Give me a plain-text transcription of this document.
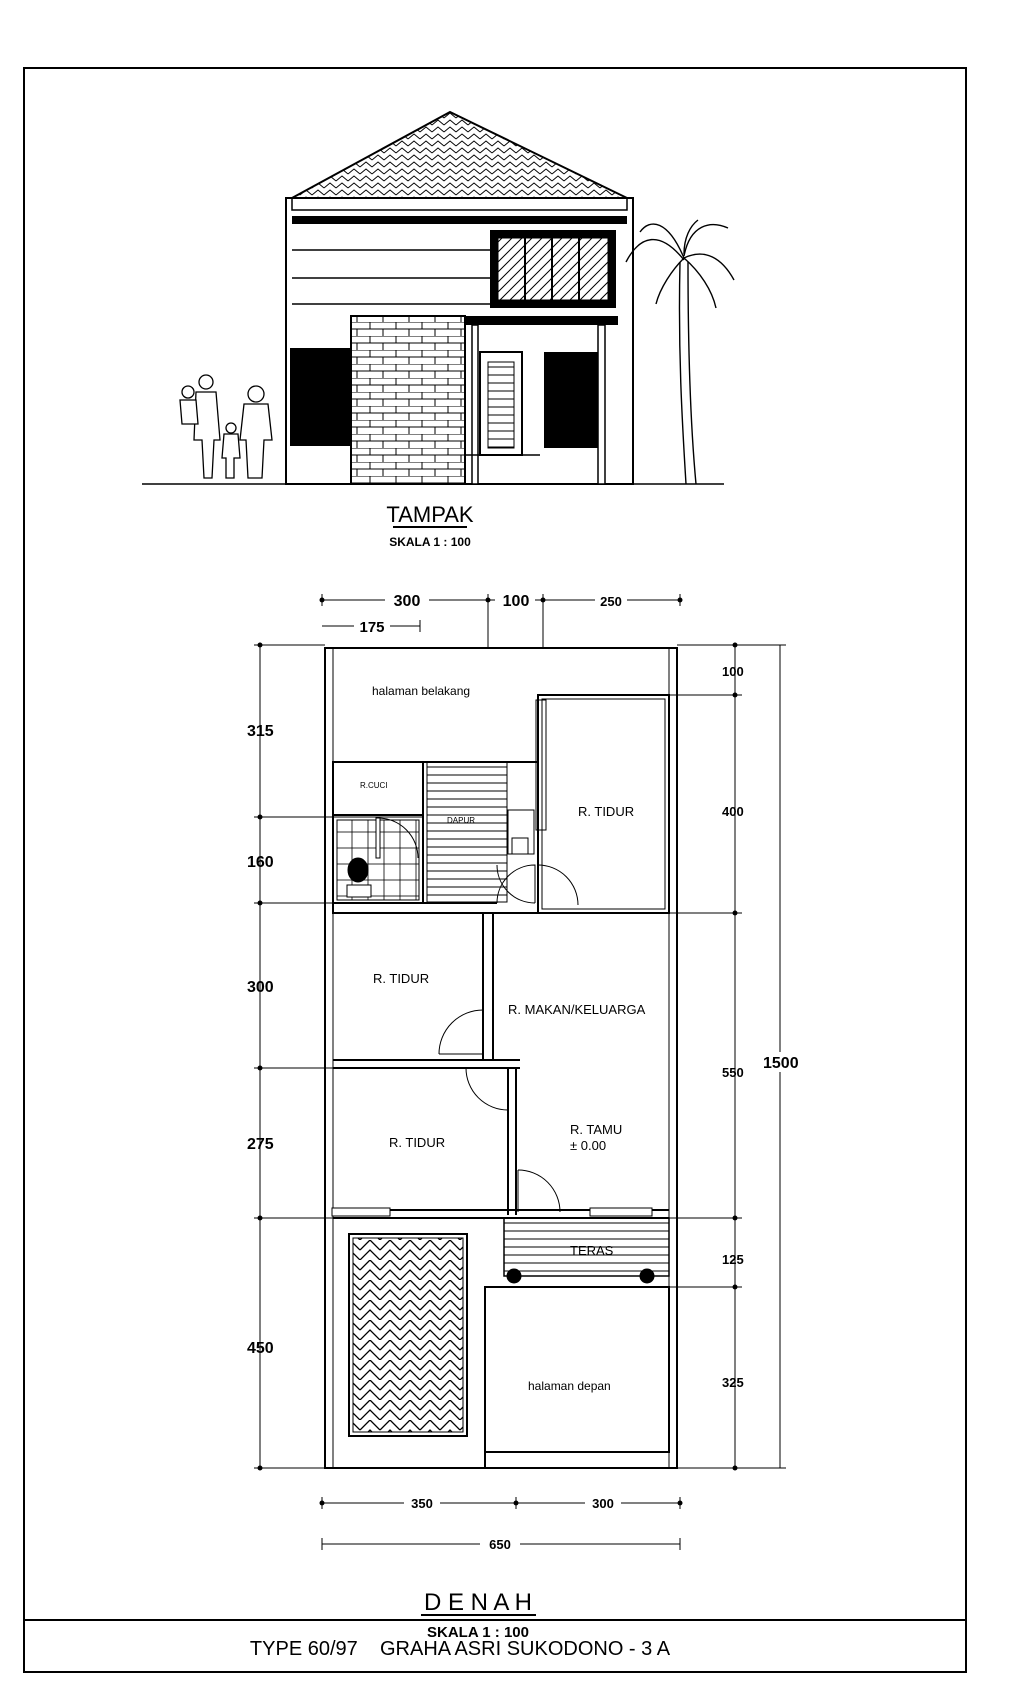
TAMPAK
SKALA 1 : 100
halaman belakang
R.CUCI
DAPUR
R. TIDUR
R. TIDUR
R. MAKAN/KELUARGA
R. TIDUR
R. TAMU
± 0.00
TERAS
halaman depan
300	100	250
175
315
160
300
275
450
100
400
550
125
325
1500
350	300
650
D E N A H
SKALA 1 : 100
TYPE 60/97    GRAHA ASRI SUKODONO - 3 A
